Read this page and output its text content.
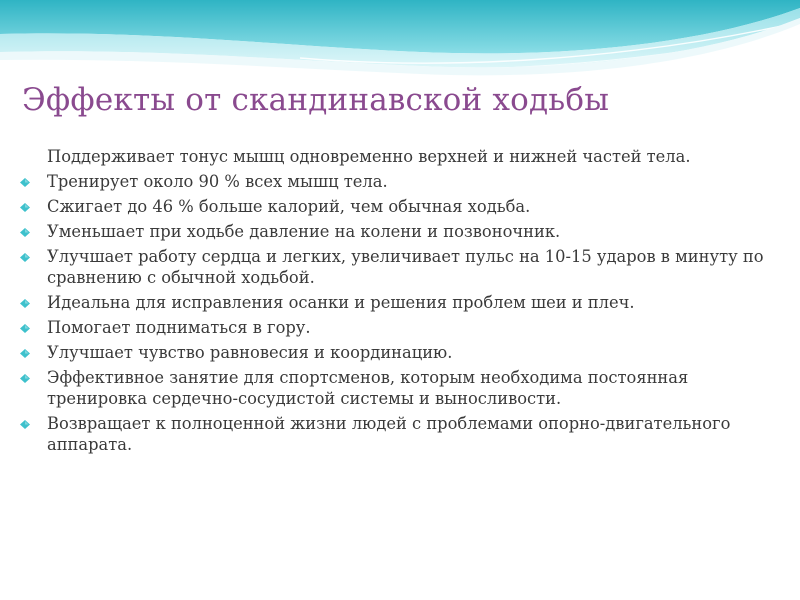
Эффекты от скандинавской ходьбы
Поддерживает тонус мышц одновременно верхней и нижней частей тела.
Тренирует около 90 % всех мышц тела.
Сжигает до 46 % больше калорий, чем обычная ходьба.
Уменьшает при ходьбе давление на колени и позвоночник.
Улучшает работу сердца и легких, увеличивает пульс на 10-15 ударов в минуту по сравнению с обычной ходьбой.
Идеальна для исправления осанки и решения проблем шеи и плеч.
Помогает подниматься в гору.
Улучшает чувство равновесия и координацию.
Эффективное занятие для спортсменов, которым необходима постоянная тренировка сердечно-сосудистой системы и выносливости.
Возвращает к полноценной жизни людей с проблемами опорно-двигательного аппарата.
